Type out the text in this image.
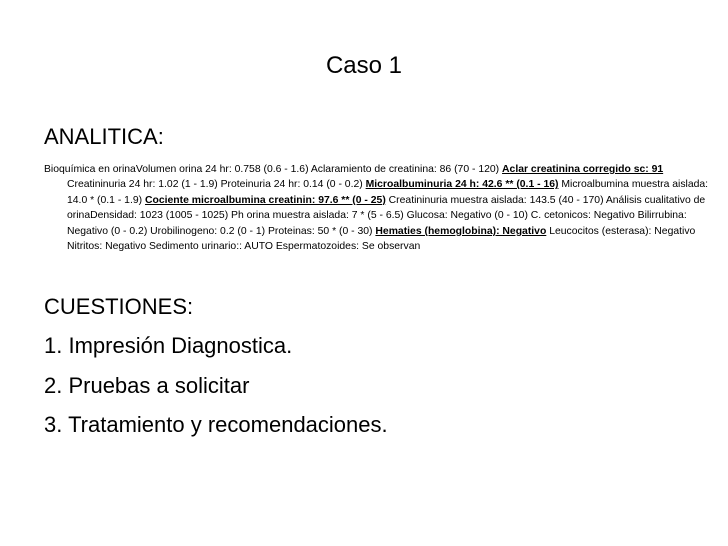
Caso 1
ANALITICA:
Bioquímica en orinaVolumen orina 24 hr: 0.758 (0.6 - 1.6) Aclaramiento de creatinina: 86 (70 - 120) Aclar creatinina corregido sc: 91 Creatininuria 24 hr: 1.02 (1 - 1.9) Proteinuria 24 hr: 0.14 (0 - 0.2) Microalbuminuria 24 h: 42.6 ** (0.1 - 16) Microalbumina muestra aislada: 14.0 * (0.1 - 1.9) Cociente microalbumina creatinin: 97.6 ** (0 - 25) Creatininuria muestra aislada: 143.5 (40 - 170) Análisis cualitativo de orinaDensidad: 1023 (1005 - 1025) Ph orina muestra aislada: 7 * (5 - 6.5) Glucosa: Negativo (0 - 10) C. cetonicos: Negativo Bilirrubina: Negativo (0 - 0.2) Urobilinogeno: 0.2 (0 - 1) Proteinas: 50 * (0 - 30) Hematies (hemoglobina): Negativo Leucocitos (esterasa): Negativo Nitritos: Negativo Sedimento urinario:: AUTO Espermatozoides: Se observan
CUESTIONES:
1. Impresión Diagnostica.
2. Pruebas a solicitar
3. Tratamiento y recomendaciones.
